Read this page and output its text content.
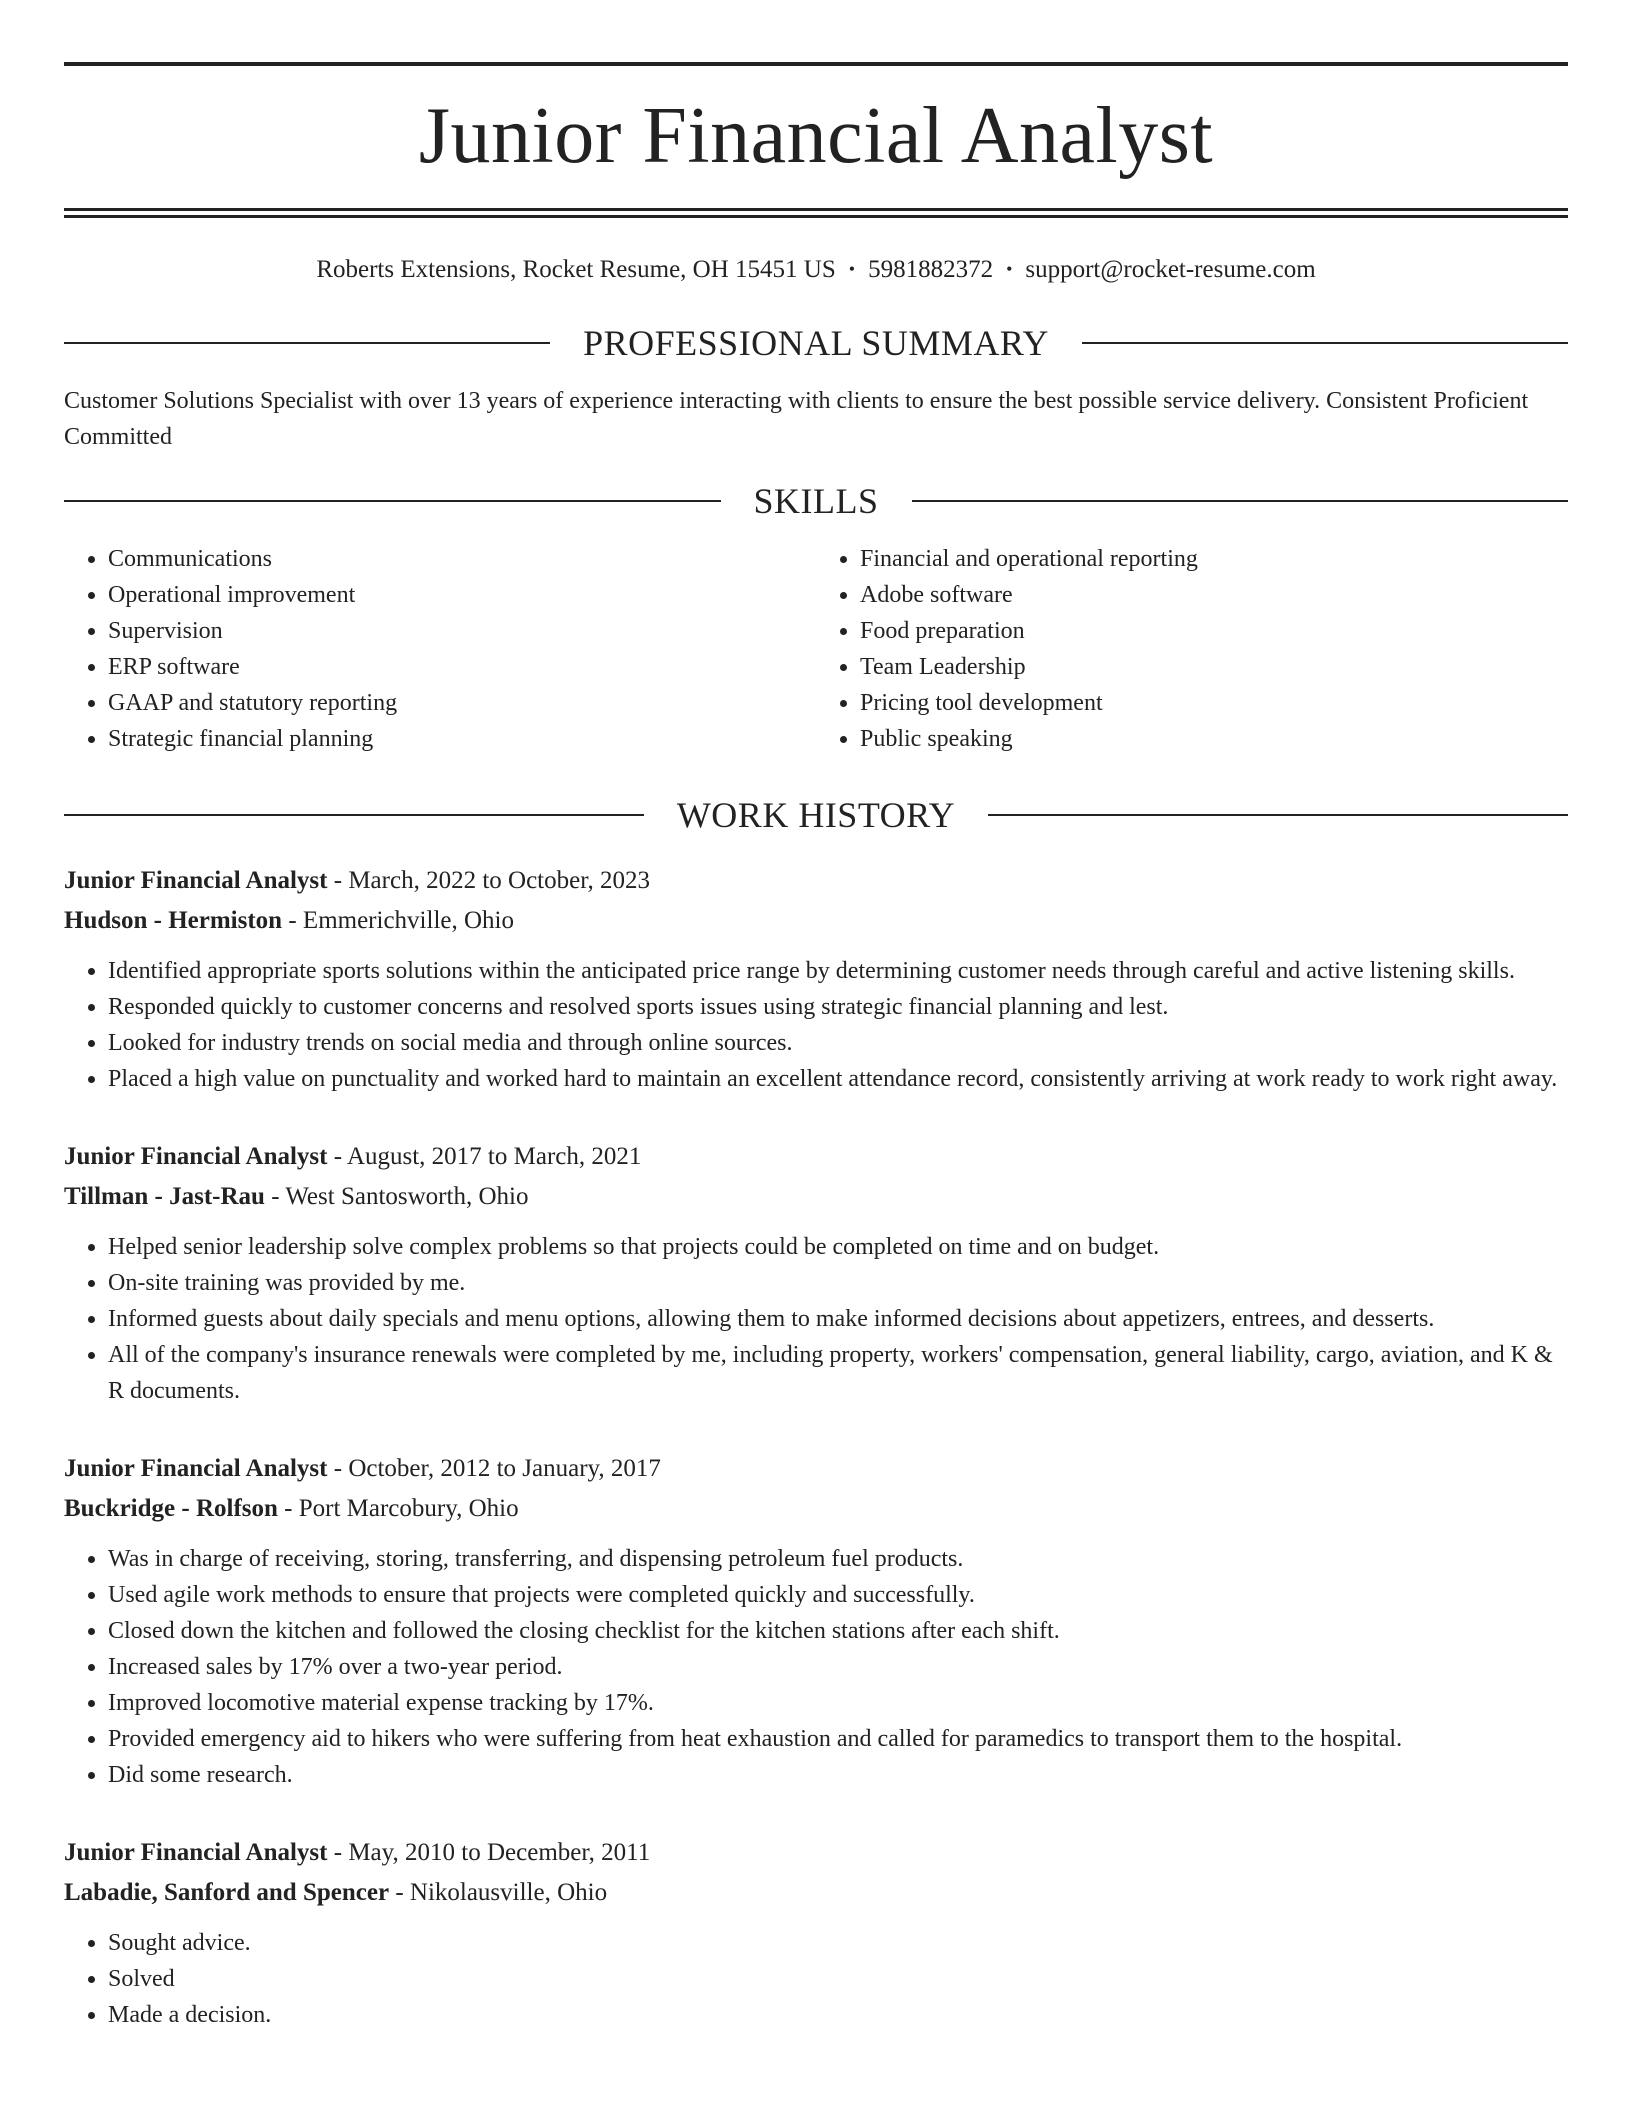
Junior Financial Analyst
Roberts Extensions, Rocket Resume, OH 15451 US • 5981882372 • support@rocket-resume.com
PROFESSIONAL SUMMARY
Customer Solutions Specialist with over 13 years of experience interacting with clients to ensure the best possible service delivery. Consistent Proficient Committed
SKILLS
• Communications
• Operational improvement
• Supervision
• ERP software
• GAAP and statutory reporting
• Strategic financial planning
• Financial and operational reporting
• Adobe software
• Food preparation
• Team Leadership
• Pricing tool development
• Public speaking
WORK HISTORY
Junior Financial Analyst - March, 2022 to October, 2023
Hudson - Hermiston - Emmerichville, Ohio
• Identified appropriate sports solutions within the anticipated price range by determining customer needs through careful and active listening skills.
• Responded quickly to customer concerns and resolved sports issues using strategic financial planning and lest.
• Looked for industry trends on social media and through online sources.
• Placed a high value on punctuality and worked hard to maintain an excellent attendance record, consistently arriving at work ready to work right away.
Junior Financial Analyst - August, 2017 to March, 2021
Tillman - Jast-Rau - West Santosworth, Ohio
• Helped senior leadership solve complex problems so that projects could be completed on time and on budget.
• On-site training was provided by me.
• Informed guests about daily specials and menu options, allowing them to make informed decisions about appetizers, entrees, and desserts.
• All of the company's insurance renewals were completed by me, including property, workers' compensation, general liability, cargo, aviation, and K & R documents.
Junior Financial Analyst - October, 2012 to January, 2017
Buckridge - Rolfson - Port Marcobury, Ohio
• Was in charge of receiving, storing, transferring, and dispensing petroleum fuel products.
• Used agile work methods to ensure that projects were completed quickly and successfully.
• Closed down the kitchen and followed the closing checklist for the kitchen stations after each shift.
• Increased sales by 17% over a two-year period.
• Improved locomotive material expense tracking by 17%.
• Provided emergency aid to hikers who were suffering from heat exhaustion and called for paramedics to transport them to the hospital.
• Did some research.
Junior Financial Analyst - May, 2010 to December, 2011
Labadie, Sanford and Spencer - Nikolausville, Ohio
• Sought advice.
• Solved
• Made a decision.
